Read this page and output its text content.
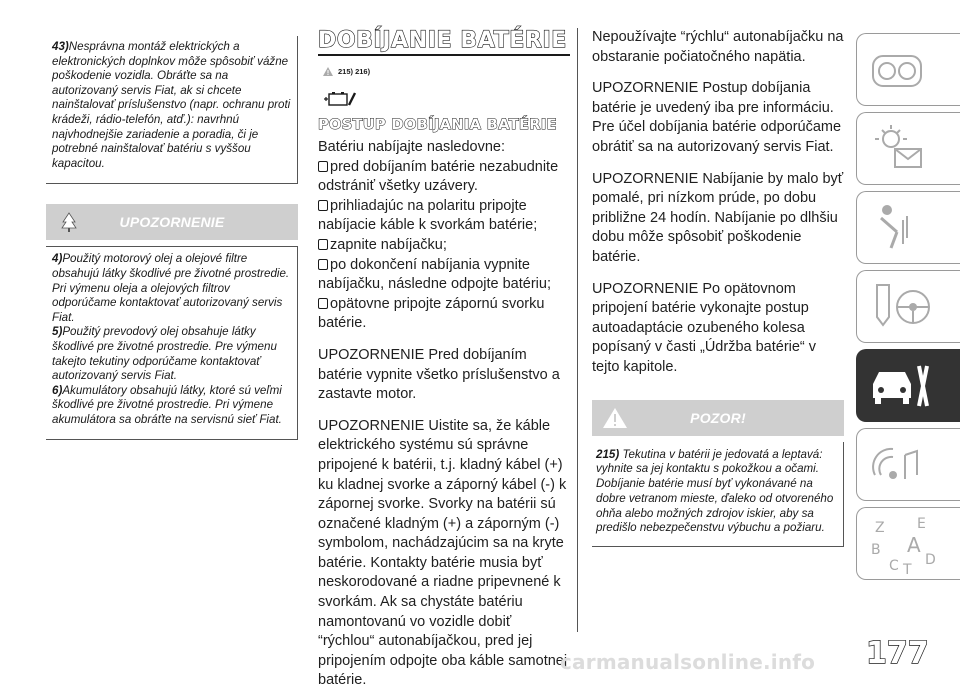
43)Nesprávna montáž elektrických a elektronických doplnkov môže spôsobiť vážne poškodenie vozidla. Obráťte sa na autorizovaný servis Fiat, ak si chcete nainštalovať príslušenstvo (napr. ochranu proti krádeži, rádio-telefón, atď.): navrhnú najvhodnejšie zariadenie a poradia, či je potrebné nainštalovať batériu s vyššou kapacitou.

UPOZORNENIE

4)Použitý motorový olej a olejové filtre obsahujú látky škodlivé pre životné prostredie. Pri výmenu oleja a olejových filtrov odporúčame kontaktovať autorizovaný servis Fiat.

5)Použitý prevodový olej obsahuje látky škodlivé pre životné prostredie. Pre výmenu takejto tekutiny odporúčame kontaktovať autorizovaný servis Fiat.

6)Akumulátory obsahujú látky, ktoré sú veľmi škodlivé pre životné prostredie. Pri výmene akumulátora sa obráťte na servisnú sieť Fiat.

DOBÍJANIE BATÉRIE
215) 216)
POSTUP DOBÍJANIA BATÉRIE

Batériu nabíjajte nasledovne:

pred dobíjaním batérie nezabudnite odstrániť všetky uzávery.

prihliadajúc na polaritu pripojte nabíjacie káble k svorkám batérie;

zapnite nabíjačku;

po dokončení nabíjania vypnite nabíjačku, následne odpojte batériu;

opätovne pripojte zápornú svorku batérie.

UPOZORNENIE Pred dobíjaním batérie vypnite všetko príslušenstvo a zastavte motor.

UPOZORNENIE Uistite sa, že káble elektrického systému sú správne pripojené k batérii, t.j. kladný kábel (+) ku kladnej svorke a záporný kábel (-) k zápornej svorke. Svorky na batérii sú označené kladným (+) a záporným (-) symbolom, nachádzajúcim sa na kryte batérie. Kontakty batérie musia byť neskorodované a riadne pripevnené k svorkám. Ak sa chystáte batériu namontovanú vo vozidle dobiť “rýchlou“ autonabíjačkou, pred jej pripojením odpojte oba káble samotnej batérie.

Nepoužívajte “rýchlu“ autonabíjačku na obstaranie počiatočného napätia.

UPOZORNENIE Postup dobíjania batérie je uvedený iba pre informáciu. Pre účel dobíjania batérie odporúčame obrátiť sa na autorizovaný servis Fiat.

UPOZORNENIE Nabíjanie by malo byť pomalé, pri nízkom prúde, po dobu približne 24 hodín. Nabíjanie po dlhšiu dobu môže spôsobiť poškodenie batérie.

UPOZORNENIE Po opätovnom pripojení batérie vykonajte postup autoadaptácie ozubeného kolesa popísaný v časti „Údržba batérie“ v tejto kapitole.

POZOR!

215) Tekutina v batérii je jedovatá a leptavá: vyhnite sa jej kontaktu s pokožkou a očami. Dobíjanie batérie musí byť vykonávané na dobre vetranom mieste, ďaleko od otvoreného ohňa alebo možných zdrojov iskier, aby sa predišlo nebezpečenstvu výbuchu a požiaru.	Z E
B A
C T
D
177
carmanualsonline.info
